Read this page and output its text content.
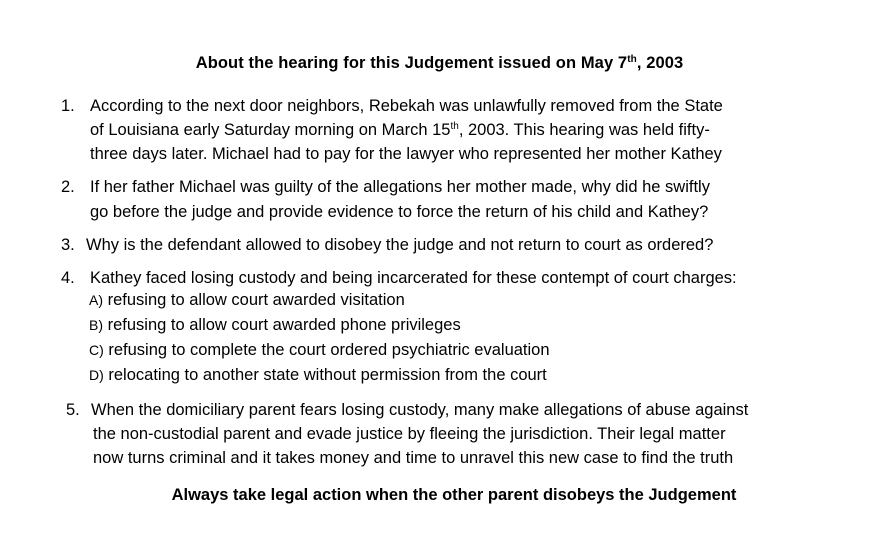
About the hearing for this Judgement issued on May 7th, 2003
1. According to the next door neighbors, Rebekah was unlawfully removed from the State
of Louisiana early Saturday morning on March 15th, 2003. This hearing was held fifty-
three days later. Michael had to pay for the lawyer who represented her mother Kathey
2. If her father Michael was guilty of the allegations her mother made, why did he swiftly
go before the judge and provide evidence to force the return of his child and Kathey?
3. Why is the defendant allowed to disobey the judge and not return to court as ordered?
4. Kathey faced losing custody and being incarcerated for these contempt of court charges:
A) refusing to allow court awarded visitation
B) refusing to allow court awarded phone privileges
C) refusing to complete the court ordered psychiatric evaluation
D) relocating to another state without permission from the court
5. When the domiciliary parent fears losing custody, many make allegations of abuse against
the non-custodial parent and evade justice by fleeing the jurisdiction. Their legal matter
now turns criminal and it takes money and time to unravel this new case to find the truth
Always take legal action when the other parent disobeys the Judgement
